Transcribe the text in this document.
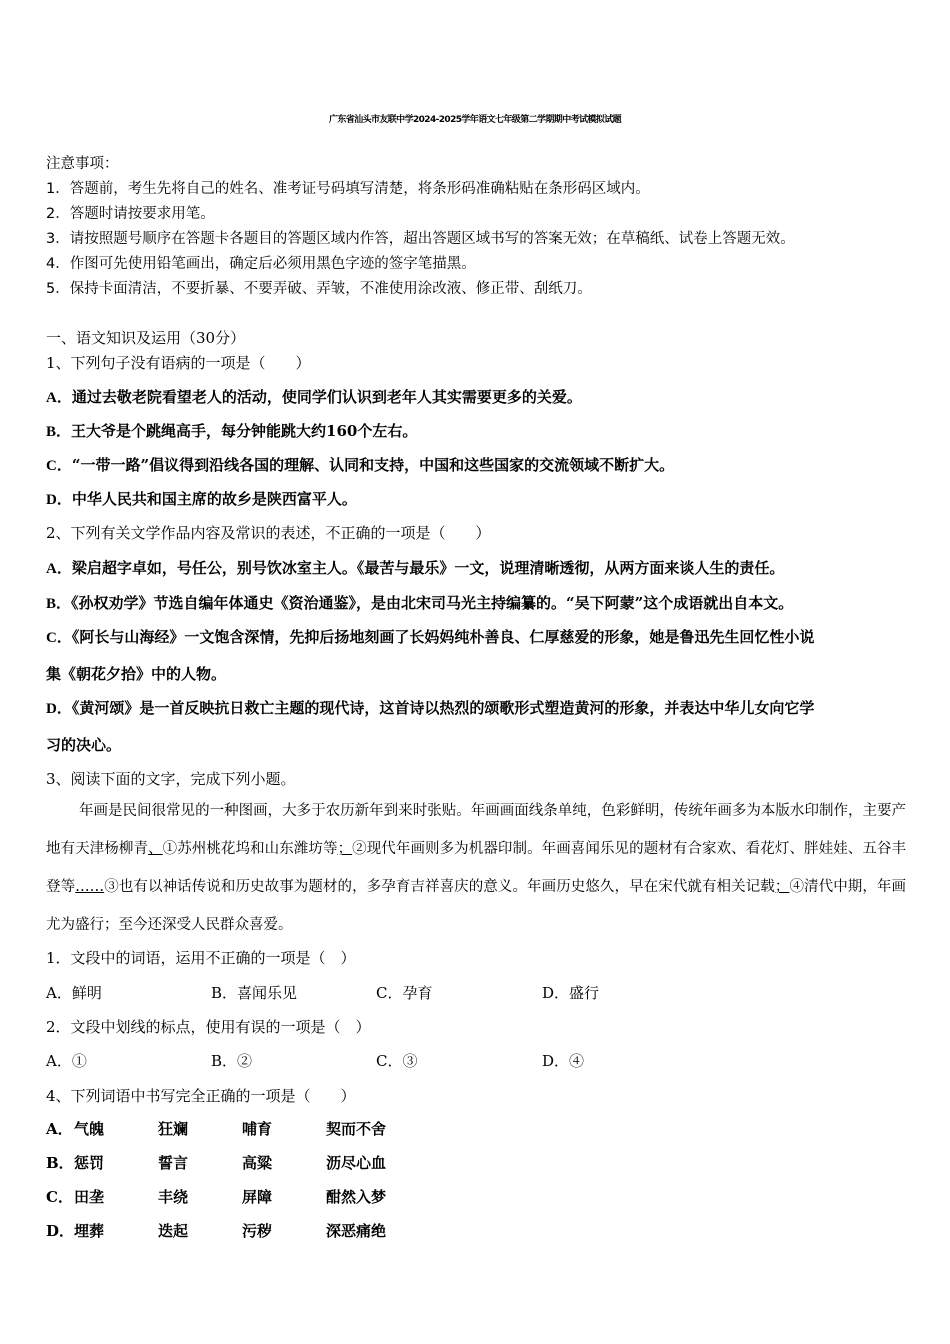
广东省汕头市友联中学2024-2025学年语文七年级第二学期期中考试模拟试题
注意事项：
1．答题前，考生先将自己的姓名、准考证号码填写清楚，将条形码准确粘贴在条形码区域内。
2．答题时请按要求用笔。
3．请按照题号顺序在答题卡各题目的答题区域内作答，超出答题区域书写的答案无效；在草稿纸、试卷上答题无效。
4．作图可先使用铅笔画出，确定后必须用黑色字迹的签字笔描黑。
5．保持卡面清洁，不要折暴、不要弄破、弄皱，不准使用涂改液、修正带、刮纸刀。
一、语文知识及运用（30分）
1、下列句子没有语病的一项是（　　）
A．通过去敬老院看望老人的活动，使同学们认识到老年人其实需要更多的关爱。
B．王大爷是个跳绳高手，每分钟能跳大约160个左右。
C．“一带一路”倡议得到沿线各国的理解、认同和支持，中国和这些国家的交流领域不断扩大。
D．中华人民共和国主席的故乡是陕西富平人。
2、下列有关文学作品内容及常识的表述，不正确的一项是（　　）
A．梁启超字卓如，号任公，别号饮冰室主人。《最苦与最乐》一文，说理清晰透彻，从两方面来谈人生的责任。
B．《孙权劝学》节选自编年体通史《资治通鉴》，是由北宋司马光主持编纂的。“吴下阿蒙”这个成语就出自本文。
C．《阿长与山海经》一文饱含深情，先抑后扬地刻画了长妈妈纯朴善良、仁厚慈爱的形象，她是鲁迅先生回忆性小说
集《朝花夕拾》中的人物。
D．《黄河颂》是一首反映抗日救亡主题的现代诗，这首诗以热烈的颂歌形式塑造黄河的形象，并表达中华儿女向它学
习的决心。
3、阅读下面的文字，完成下列小题。
年画是民间很常见的一种图画，大多于农历新年到来时张贴。年画画面线条单纯，色彩鲜明，传统年画多为本版水印制作，主要产地有天津杨柳青、①苏州桃花坞和山东潍坊等；②现代年画则多为机器印制。年画喜闻乐见的题材有合家欢、看花灯、胖娃娃、五谷丰登等……③也有以神话传说和历史故事为题材的，多孕育吉祥喜庆的意义。年画历史悠久，早在宋代就有相关记载；④清代中期，年画尤为盛行；至今还深受人民群众喜爱。
1．文段中的词语，运用不正确的一项是（　）
A．鲜明	B．喜闻乐见	C．孕育	D．盛行
2．文段中划线的标点，使用有误的一项是（　）
A．①	B．②	C．③	D．④
4、下列词语中书写完全正确的一项是（　　）
A． 气魄	狂斓	哺育	契而不舍
B． 惩罚	誓言	高粱	沥尽心血
C． 田垄	丰绕	屏障	酣然入梦
D． 埋葬	迭起	污秽	深恶痛绝
